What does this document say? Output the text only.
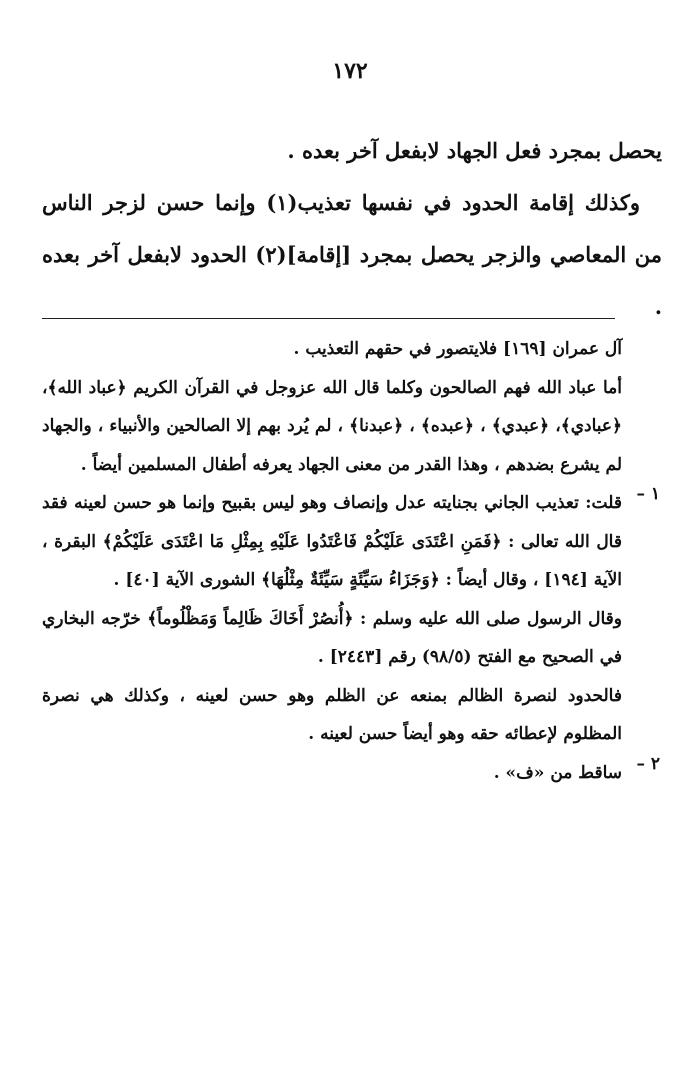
١٧٢

يحصل بمجرد فعل الجهاد لابفعل آخر بعده .

وكذلك إقامة الحدود في نفسها تعذيب(١) وإنما حسن لزجر الناس من المعاصي والزجر يحصل بمجرد [إقامة](٢) الحدود لابفعل آخر بعده .

آل عمران [١٦٩] فلايتصور في حقهم التعذيب .

أما عباد الله فهم الصالحون وكلما قال الله عزوجل في القرآن الكريم ﴿عباد الله﴾، ﴿عبادي﴾، ﴿عبدي﴾ ، ﴿عبده﴾ ، ﴿عبدنا﴾ ، لم يُرد بهم إلا الصالحين والأنبياء ، والجهاد لم يشرع بضدهم ، وهذا القدر من معنى الجهاد يعرفه أطفال المسلمين أيضاً .

١ –

قلت: تعذيب الجاني بجنايته عدل وإنصاف وهو ليس بقبيح وإنما هو حسن لعينه فقد قال الله تعالى : ﴿فَمَنِ اعْتَدَى عَلَيْكُمْ فَاعْتَدُوا عَلَيْهِ بِمِثْلِ مَا اعْتَدَى عَلَيْكُمْ﴾ البقرة ، الآية [١٩٤] ، وقال أيضاً : ﴿وَجَزَاءُ سَيِّئَةٍ سَيِّئَةٌ مِثْلُهَا﴾ الشورى الآية [٤٠] .

وقال الرسول صلى الله عليه وسلم : ﴿أُنصُرْ أَخَاكَ ظَالِماً وَمَظْلُوماً﴾ خرّجه البخاري في الصحيح مع الفتح (٩٨/٥) رقم [٢٤٤٣] .

فالحدود لنصرة الظالم بمنعه عن الظلم وهو حسن لعينه ، وكذلك هي نصرة المظلوم لإعطائه حقه وهو أيضاً حسن لعينه .

٢ –

ساقط من «ف» .
